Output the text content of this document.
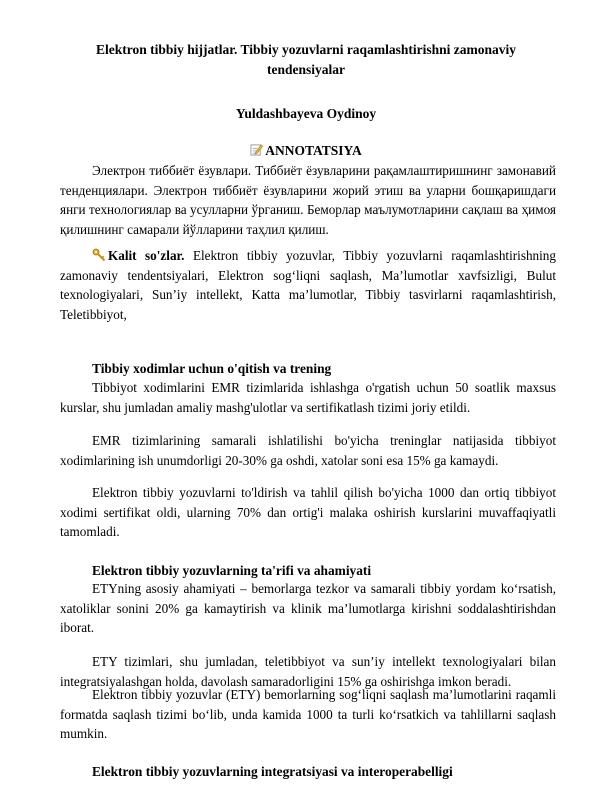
Elektron tibbiy hijjatlar. Tibbiy yozuvlarni raqamlashtirishni zamonaviy tendensiyalar
Yuldashbayeva Oydinoy
ANNOTATSIYA

Электрон тиббиёт ёзувлари. Тиббиёт ёзувларини рақамлаштиришнинг замонавий тенденциялари. Электрон тиббиёт ёзувларини жорий этиш ва уларни бошқаришдаги янги технологиялар ва усулларни ўрганиш. Беморлар маълумотларини сақлаш ва ҳимоя қилишнинг самарали йўлларини таҳлил қилиш.

Kalit so'zlar. Elektron tibbiy yozuvlar, Tibbiy yozuvlarni raqamlashtirishning zamonaviy tendentsiyalari, Elektron sog‘liqni saqlash, Ma’lumotlar xavfsizligi, Bulut texnologiyalari, Sun’iy intellekt, Katta ma’lumotlar, Tibbiy tasvirlarni raqamlashtirish, Teletibbiyot,

Tibbiy xodimlar uchun o'qitish va trening

Tibbiyot xodimlarini EMR tizimlarida ishlashga o'rgatish uchun 50 soatlik maxsus kurslar, shu jumladan amaliy mashg'ulotlar va sertifikatlash tizimi joriy etildi.

EMR tizimlarining samarali ishlatilishi bo'yicha treninglar natijasida tibbiyot xodimlarining ish unumdorligi 20-30% ga oshdi, xatolar soni esa 15% ga kamaydi.

Elektron tibbiy yozuvlarni to'ldirish va tahlil qilish bo'yicha 1000 dan ortiq tibbiyot xodimi sertifikat oldi, ularning 70% dan ortig'i malaka oshirish kurslarini muvaffaqiyatli tamomladi.

Elektron tibbiy yozuvlarning ta'rifi va ahamiyati

ETYning asosiy ahamiyati – bemorlarga tezkor va samarali tibbiy yordam ko‘rsatish, xatoliklar sonini 20% ga kamaytirish va klinik ma’lumotlarga kirishni soddalashtirishdan iborat.

ETY tizimlari, shu jumladan, teletibbiyot va sun’iy intellekt texnologiyalari bilan integratsiyalashgan holda, davolash samaradorligini 15% ga oshirishga imkon beradi.

Elektron tibbiy yozuvlar (ETY) bemorlarning sog‘liqni saqlash ma’lumotlarini raqamli formatda saqlash tizimi bo‘lib, unda kamida 1000 ta turli ko‘rsatkich va tahlillarni saqlash mumkin.

Elektron tibbiy yozuvlarning integratsiyasi va interoperabelligi
